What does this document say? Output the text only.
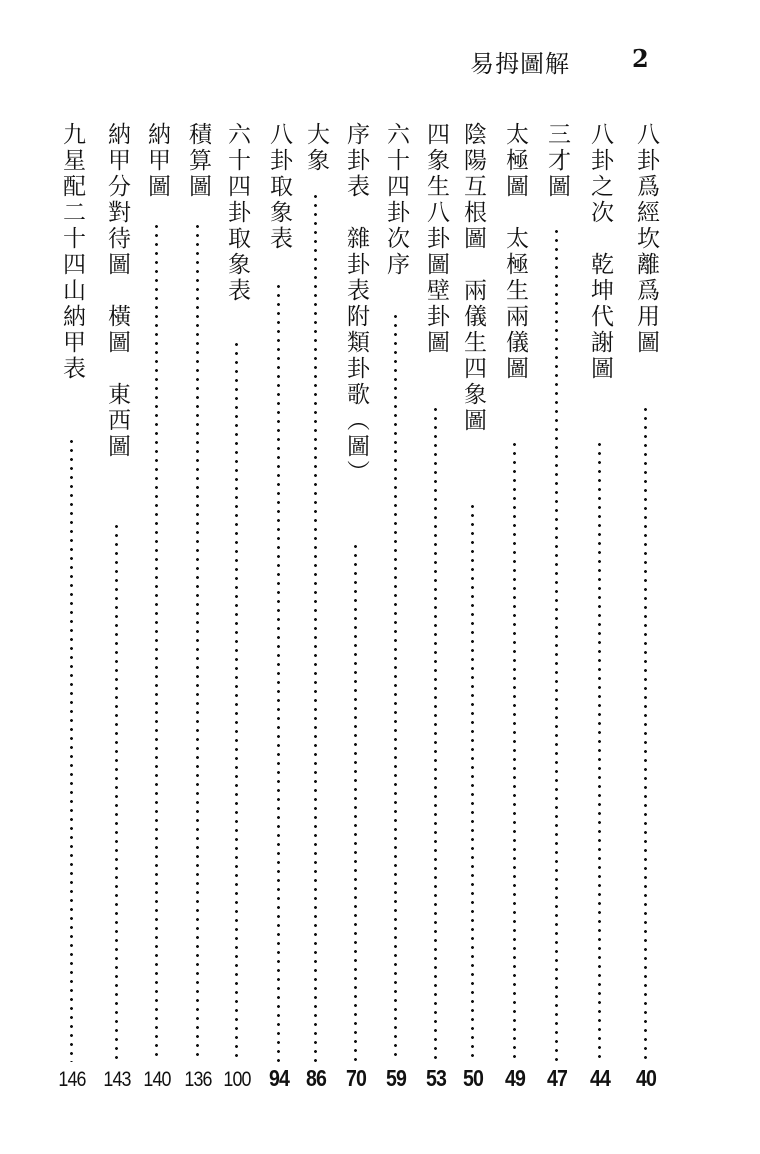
易拇圖解	2
八卦爲經坎離爲用圖
40
八卦之次　乾坤代謝圖
44
三才圖
47
太極圖　太極生兩儀圖
49
陰陽互根圖　兩儀生四象圖
50
四象生八卦圖壁卦圖
53
六十四卦次序
59
序卦表　雜卦表附類卦歌︵圖︶
70
大象
86
八卦取象表
94
六十四卦取象表
100
積算圖
136
納甲圖
140
納甲分對待圖　橫圖　東西圖
143
九星配二十四山納甲表
146
